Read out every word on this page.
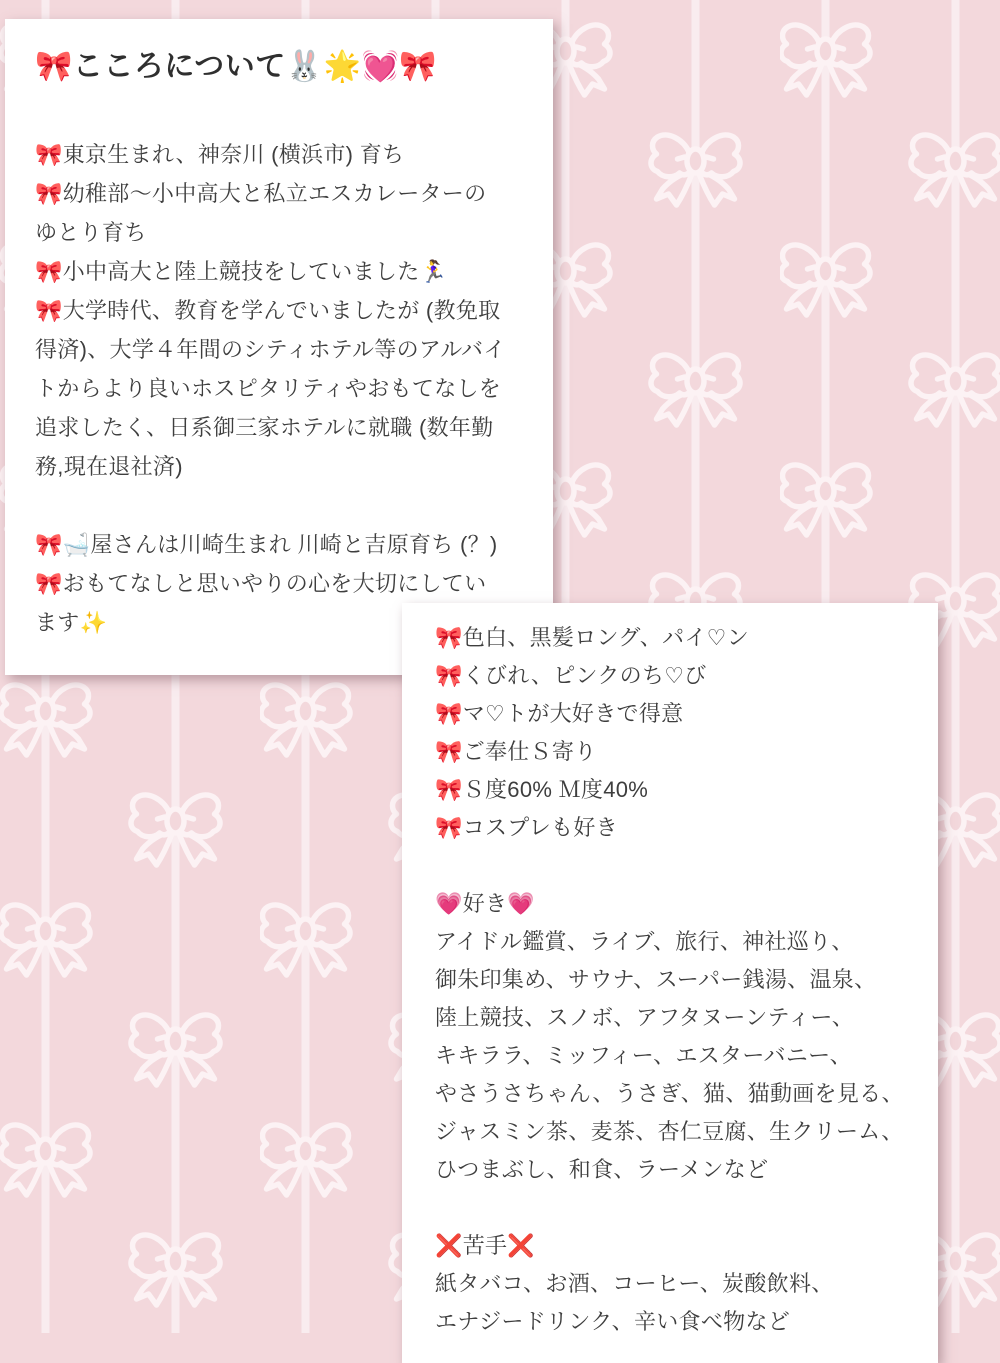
🎀こころについて🐰🌟💓🎀
🎀東京生まれ、神奈川 (横浜市) 育ち
🎀幼稚部〜小中高大と私立エスカレーターの
ゆとり育ち
🎀小中高大と陸上競技をしていました🏃‍♀️
🎀大学時代、教育を学んでいましたが (教免取
得済)、大学４年間のシティホテル等のアルバイ
トからより良いホスピタリティやおもてなしを
追求したく、日系御三家ホテルに就職 (数年勤
務,現在退社済)
🎀🛁屋さんは川崎生まれ 川崎と吉原育ち (？)
🎀おもてなしと思いやりの心を大切にしてい
ます✨
🎀色白、黒髪ロング、パイ♡ン
🎀くびれ、ピンクのち♡び
🎀マ♡トが大好きで得意
🎀ご奉仕Ｓ寄り
🎀Ｓ度60% Ｍ度40%
🎀コスプレも好き
💗好き💗
アイドル鑑賞、ライブ、旅行、神社巡り、
御朱印集め、サウナ、スーパー銭湯、温泉、
陸上競技、スノボ、アフタヌーンティー、
キキララ、ミッフィー、エスターバニー、
やさうさちゃん、うさぎ、猫、猫動画を見る、
ジャスミン茶、麦茶、杏仁豆腐、生クリーム、
ひつまぶし、和食、ラーメンなど
❌苦手❌
紙タバコ、お酒、コーヒー、炭酸飲料、
エナジードリンク、辛い食べ物など
